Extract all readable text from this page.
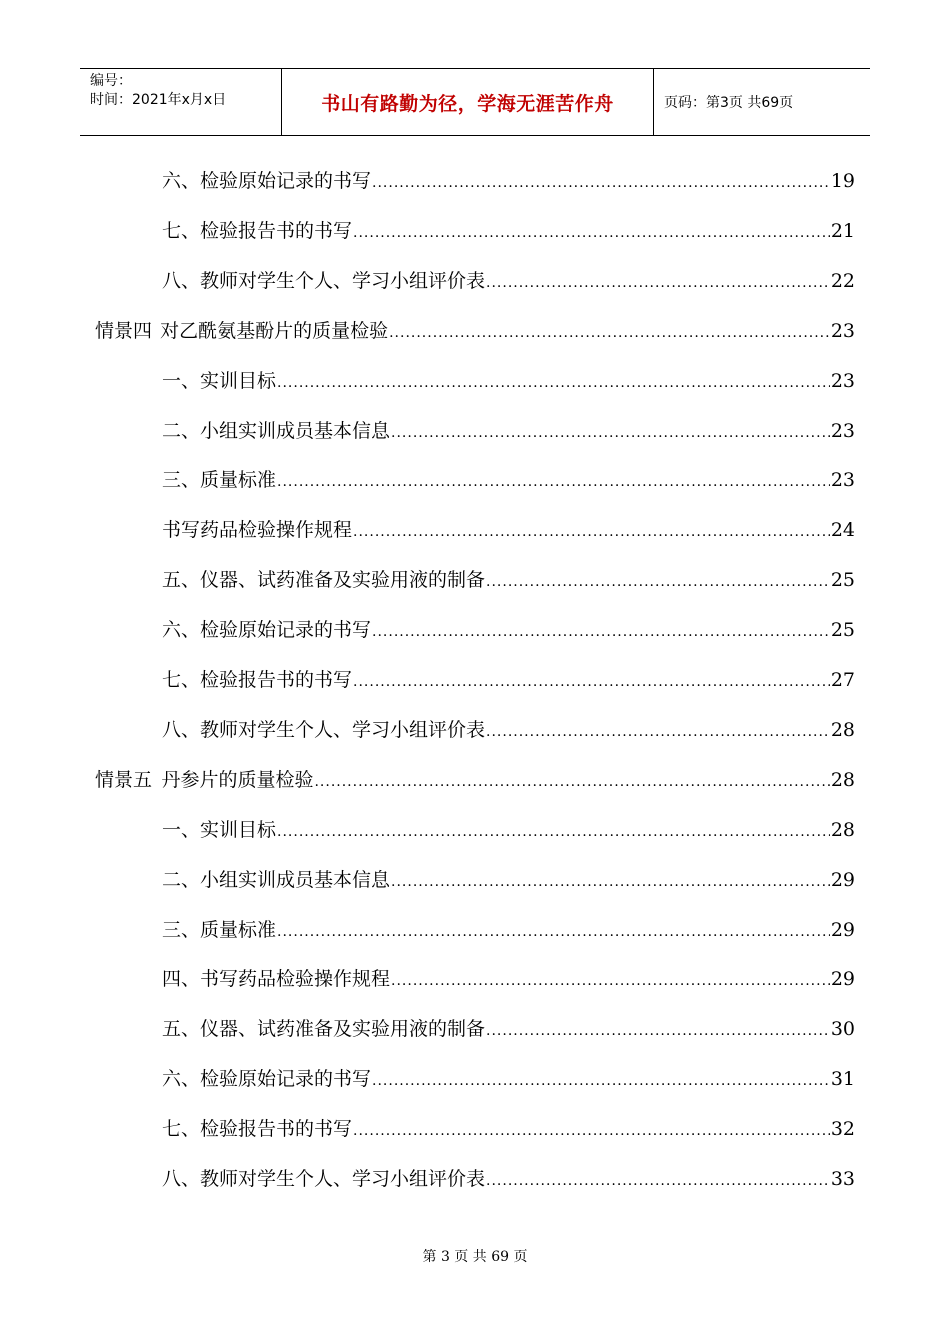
编号：
时间：2021年x月x日	书山有路勤为径，学海无涯苦作舟	页码：第3页 共69页
六、检验原始记录的书写 .....	19
七、检验报告书的书写 .....	21
八、教师对学生个人、学习小组评价表 .....	22
情景四 对乙酰氨基酚片的质量检验 .....	23
一、实训目标 .....	23
二、小组实训成员基本信息 .....	23
三、质量标准 .....	23
书写药品检验操作规程 .....	24
五、仪器、试药准备及实验用液的制备 .....	25
六、检验原始记录的书写 .....	25
七、检验报告书的书写 .....	27
八、教师对学生个人、学习小组评价表 .....	28
情景五 丹参片的质量检验 .....	28
一、实训目标 .....	28
二、小组实训成员基本信息 .....	29
三、质量标准 .....	29
四、书写药品检验操作规程 .....	29
五、仪器、试药准备及实验用液的制备 .....	30
六、检验原始记录的书写 .....	31
七、检验报告书的书写 .....	32
八、教师对学生个人、学习小组评价表 .....	33
第 3 页 共 69 页
